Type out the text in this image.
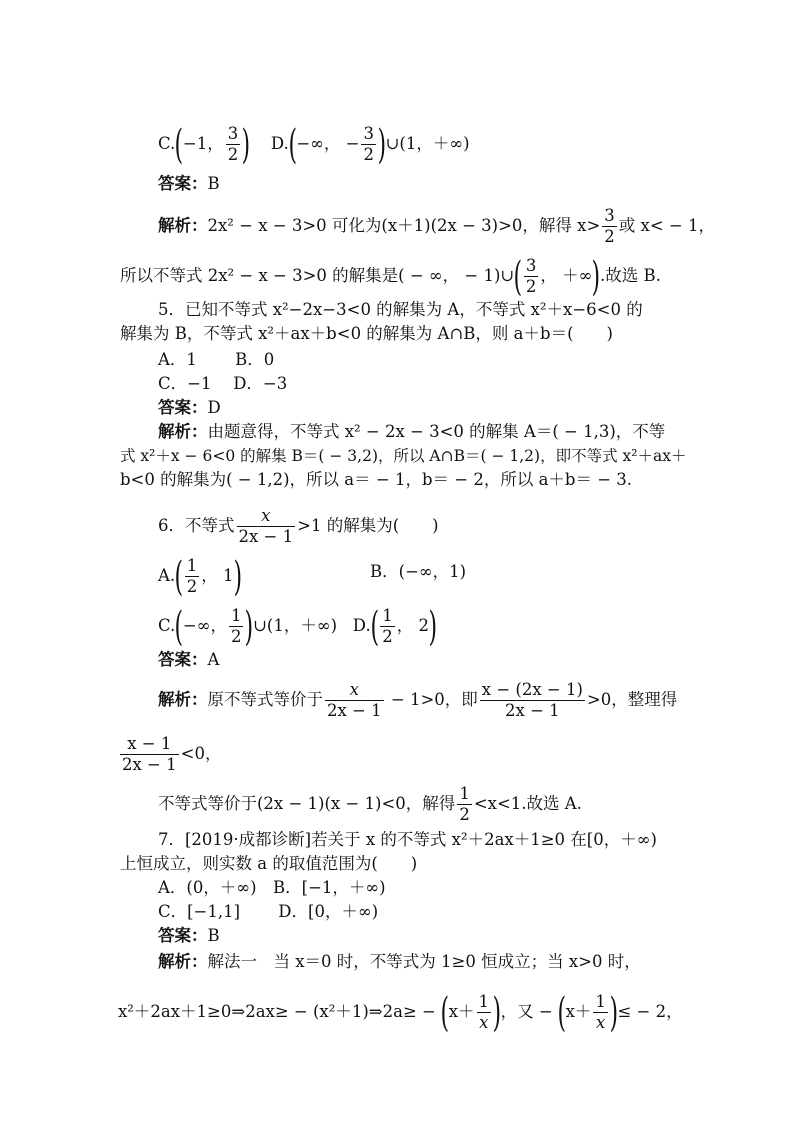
C.(−1， $\frac{3}{2}$ ) D.(−∞， − $\frac{3}{2}$ )∪(1，＋∞)
答案：B
解析：2x² − x − 3>0 可化为(x＋1)(2x − 3)>0，解得 $x> \frac{3}{2}$ 或 x< − 1，
所以不等式 2x² − x − 3>0 的解集是( − ∞， − 1)∪( $\frac{3}{2}$ ， ＋∞).故选 B.
5．已知不等式 x²−2x−3<0 的解集为 A，不等式 x²＋x−6<0 的
解集为 B，不等式 x²＋ax＋b<0 的解集为 A∩B，则 a＋b＝(　　)
A．1　　 B．0
C．−1　 D．−3
答案：D
解析：由题意得，不等式 x² − 2x − 3<0 的解集 A＝( − 1,3)，不等
式 x²＋x − 6<0 的解集 B＝( − 3,2)，所以 A∩B＝( − 1,2)，即不等式 x²＋ax＋
b<0 的解集为( − 1,2)，所以 a＝ − 1，b＝ − 2，所以 a＋b＝ − 3.
6．不等式 $\frac{x}{2x - 1} >1$ 的解集为(　　)
$A.( \frac{1}{2}$ ， 1)	B．(−∞，1)
C.(−∞， $\frac{1}{2}$ )∪(1，＋∞) $D.( \frac{1}{2}$ ， 2)
答案：A
解析：原不等式等价于 $\frac{x}{2x - 1} - 1>0$，即 $\frac{x - (2x - 1)}{2x - 1} >0$，整理得
$\frac{x - 1}{2x - 1} <0$，
不等式等价于(2x − 1)(x − 1)<0，解得 $\frac{1}{2} <x<1$.故选 A.
7．[2019·成都诊断]若关于 x 的不等式 x²＋2ax＋1≥0 在[0，＋∞)
上恒成立，则实数 a 的取值范围为(　　)
A．(0，＋∞)　B．[−1，＋∞)
C．[−1,1]　　 D．[0，＋∞)
答案：B
解析：解法一　当 x＝0 时，不等式为 1≥0 恒成立；当 x>0 时，
x²＋2ax＋1≥0⇒2ax≥ − (x²＋1)⇒2a≥ − ($x+ \frac{1}{x}$ )，又 − ($x+ \frac{1}{x}$ )≤ − 2，
